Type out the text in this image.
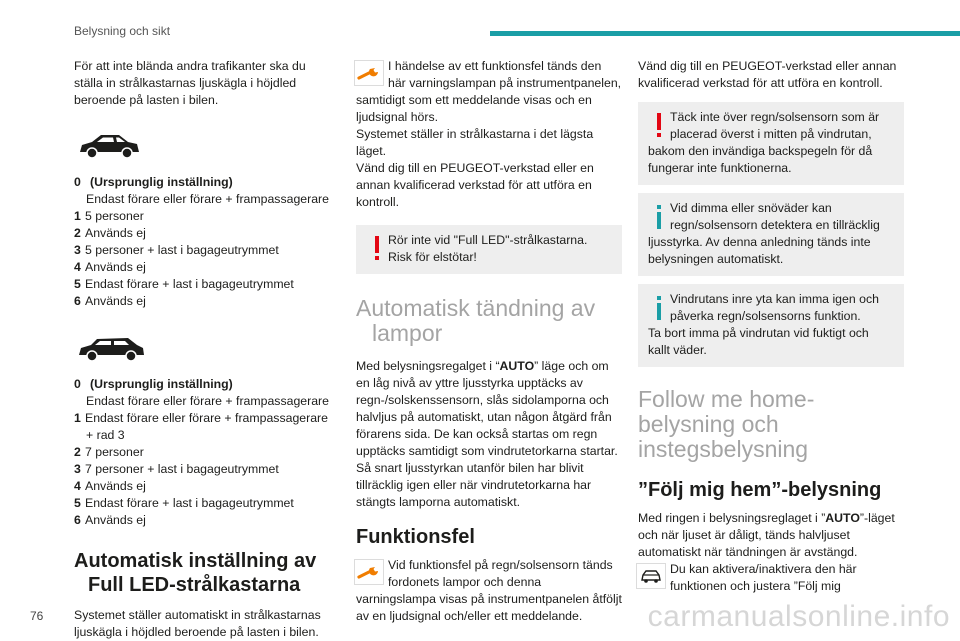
Belysning och sikt

För att inte blända andra trafikanter ska du ställa in strålkastarnas ljuskägla i höjdled beroende på lasten i bilen.

0 (Ursprunglig inställning)
Endast förare eller förare + frampassagerare
1 5 personer
2 Används ej
3 5 personer + last i bagageutrymmet
4 Används ej
5 Endast förare + last i bagageutrymmet
6 Används ej
0 (Ursprunglig inställning)
Endast förare eller förare + frampassagerare
1 Endast förare eller förare + frampassagerare
+ rad 3
2 7 personer
3 7 personer + last i bagageutrymmet
4 Används ej
5 Endast förare + last i bagageutrymmet
6 Används ej
Automatisk inställning av
Full LED-strålkastarna

Systemet ställer automatiskt in strålkastarnas ljuskägla i höjdled beroende på lasten i bilen.

I händelse av ett funktionsfel tänds den här varningslampan på instrumentpanelen, samtidigt som ett meddelande visas och en ljudsignal hörs.
Systemet ställer in strålkastarna i det lägsta läget.
Vänd dig till en PEUGEOT-verkstad eller en annan kvalificerad verkstad för att utföra en kontroll.

Rör inte vid "Full LED"-strålkastarna. Risk för elstötar!

Automatisk tändning av
lampor

Med belysningsregalget i “AUTO” läge och om en låg nivå av yttre ljusstyrka upptäcks av regn-/solskenssensorn, slås sidolamporna och halvljus på automatiskt, utan någon åtgärd från förarens sida. De kan också startas om regn upptäcks samtidigt som vindrutetorkarna startar.

Så snart ljusstyrkan utanför bilen har blivit tillräcklig igen eller när vindrutetorkarna har stängts lamporna automatiskt.

Funktionsfel

Vid funktionsfel på regn/solsensorn tänds fordonets lampor och denna varningslampa visas på instrumentpanelen åtföljt av en ljudsignal och/eller ett meddelande.

Vänd dig till en PEUGEOT-verkstad eller annan kvalificerad verkstad för att utföra en kontroll.

Täck inte över regn/solsensorn som är placerad överst i mitten på vindrutan, bakom den invändiga backspegeln för då fungerar inte funktionerna.

Vid dimma eller snöväder kan regn/solsensorn detektera en tillräcklig ljusstyrka. Av denna anledning tänds inte belysningen automatiskt.

Vindrutans inre yta kan imma igen och påverka regn/solsensorns funktion.
Ta bort imma på vindrutan vid fuktigt och kallt väder.

Follow me home-
belysning och
instegsbelysning
”Följ mig hem”-belysning

Med ringen i belysningsreglaget i ”AUTO”-läget och när ljuset är dåligt, tänds halvljuset automatiskt när tändningen är avstängd.

Du kan aktivera/inaktivera den här funktionen och justera ”Följ mig

76	carmanualsonline.info
